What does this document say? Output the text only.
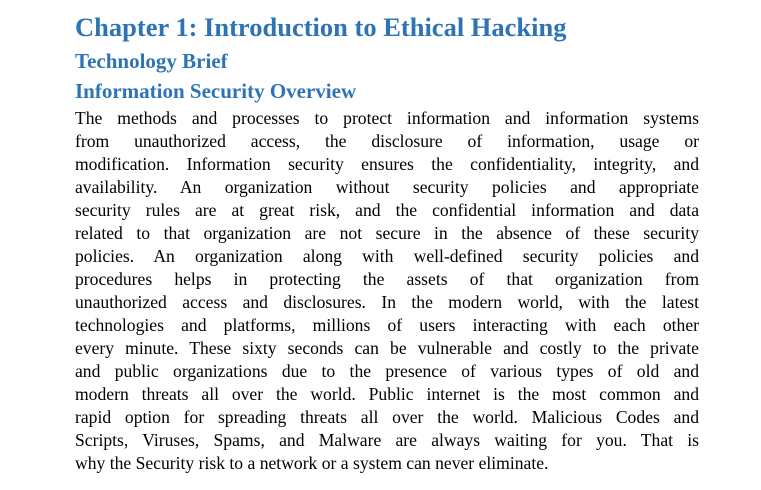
Chapter 1: Introduction to Ethical Hacking
Technology Brief
Information Security Overview
The methods and processes to protect information and information systems
from unauthorized access, the disclosure of information, usage or
modification. Information security ensures the confidentiality, integrity, and
availability. An organization without security policies and appropriate
security rules are at great risk, and the confidential information and data
related to that organization are not secure in the absence of these security
policies. An organization along with well-defined security policies and
procedures helps in protecting the assets of that organization from
unauthorized access and disclosures. In the modern world, with the latest
technologies and platforms, millions of users interacting with each other
every minute. These sixty seconds can be vulnerable and costly to the private
and public organizations due to the presence of various types of old and
modern threats all over the world. Public internet is the most common and
rapid option for spreading threats all over the world. Malicious Codes and
Scripts, Viruses, Spams, and Malware are always waiting for you. That is
why the Security risk to a network or a system can never eliminate.
